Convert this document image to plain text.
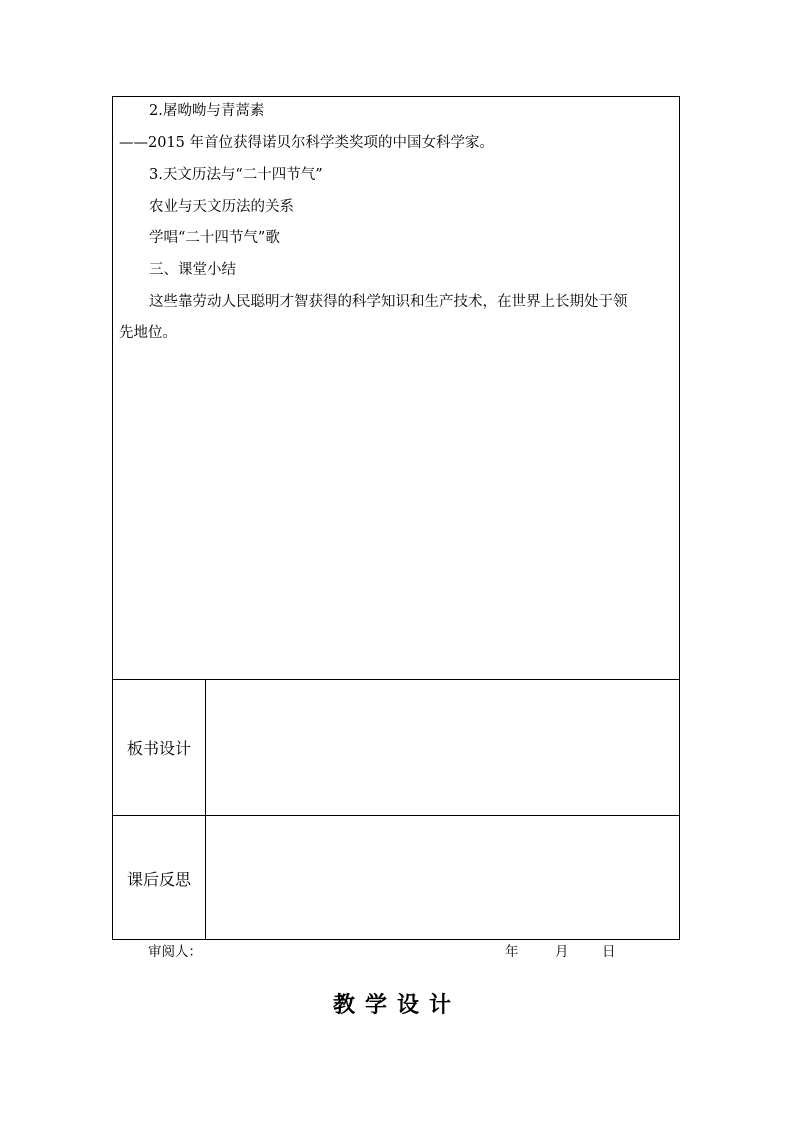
2.屠呦呦与青蒿素
——2015 年首位获得诺贝尔科学类奖项的中国女科学家。
3.天文历法与“二十四节气”
农业与天文历法的关系
学唱“二十四节气”歌
三、课堂小结
这些靠劳动人民聪明才智获得的科学知识和生产技术，在世界上长期处于领
先地位。
板书设计
课后反思
审阅人：	年	月 日
教学设计
